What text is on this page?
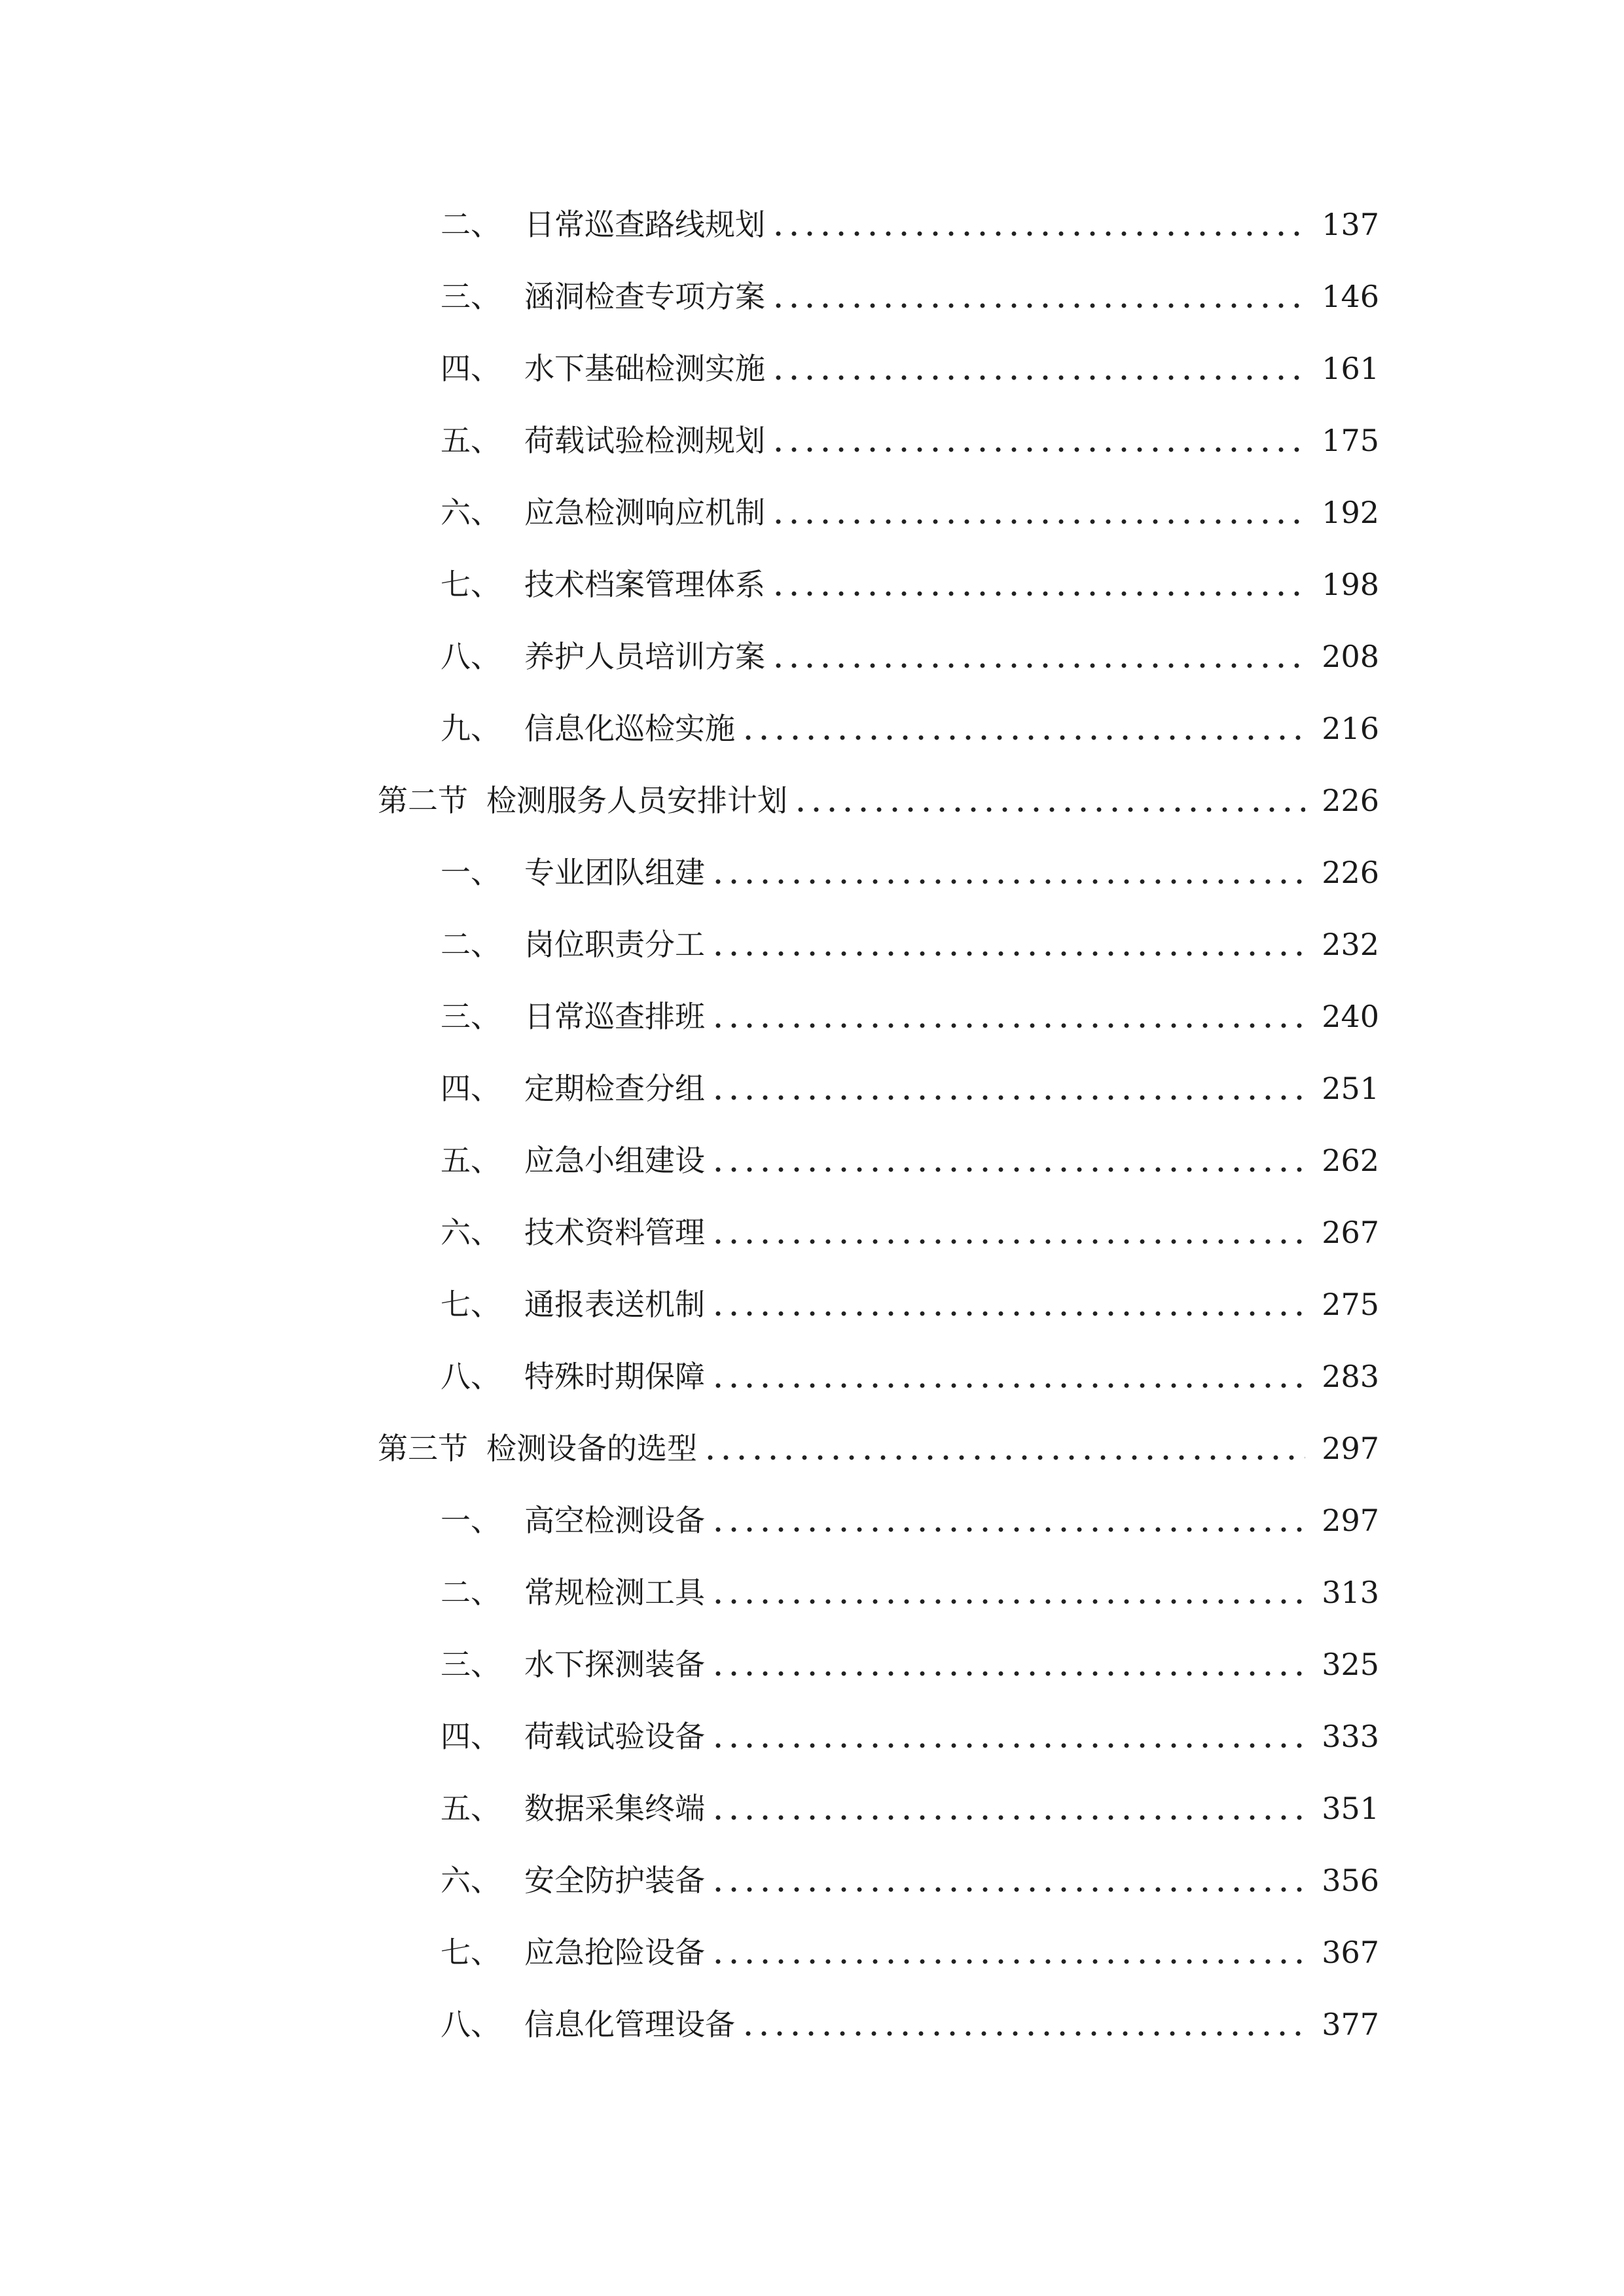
二、 日常巡查路线规划	137
三、 涵洞检查专项方案	146
四、 水下基础检测实施	161
五、 荷载试验检测规划	175
六、 应急检测响应机制	192
七、 技术档案管理体系	198
八、 养护人员培训方案	208
九、 信息化巡检实施	216
第二节 检测服务人员安排计划	226
一、 专业团队组建	226
二、 岗位职责分工	232
三、 日常巡查排班	240
四、 定期检查分组	251
五、 应急小组建设	262
六、 技术资料管理	267
七、 通报表送机制	275
八、 特殊时期保障	283
第三节 检测设备的选型	297
一、 高空检测设备	297
二、 常规检测工具	313
三、 水下探测装备	325
四、 荷载试验设备	333
五、 数据采集终端	351
六、 安全防护装备	356
七、 应急抢险设备	367
八、 信息化管理设备	377
